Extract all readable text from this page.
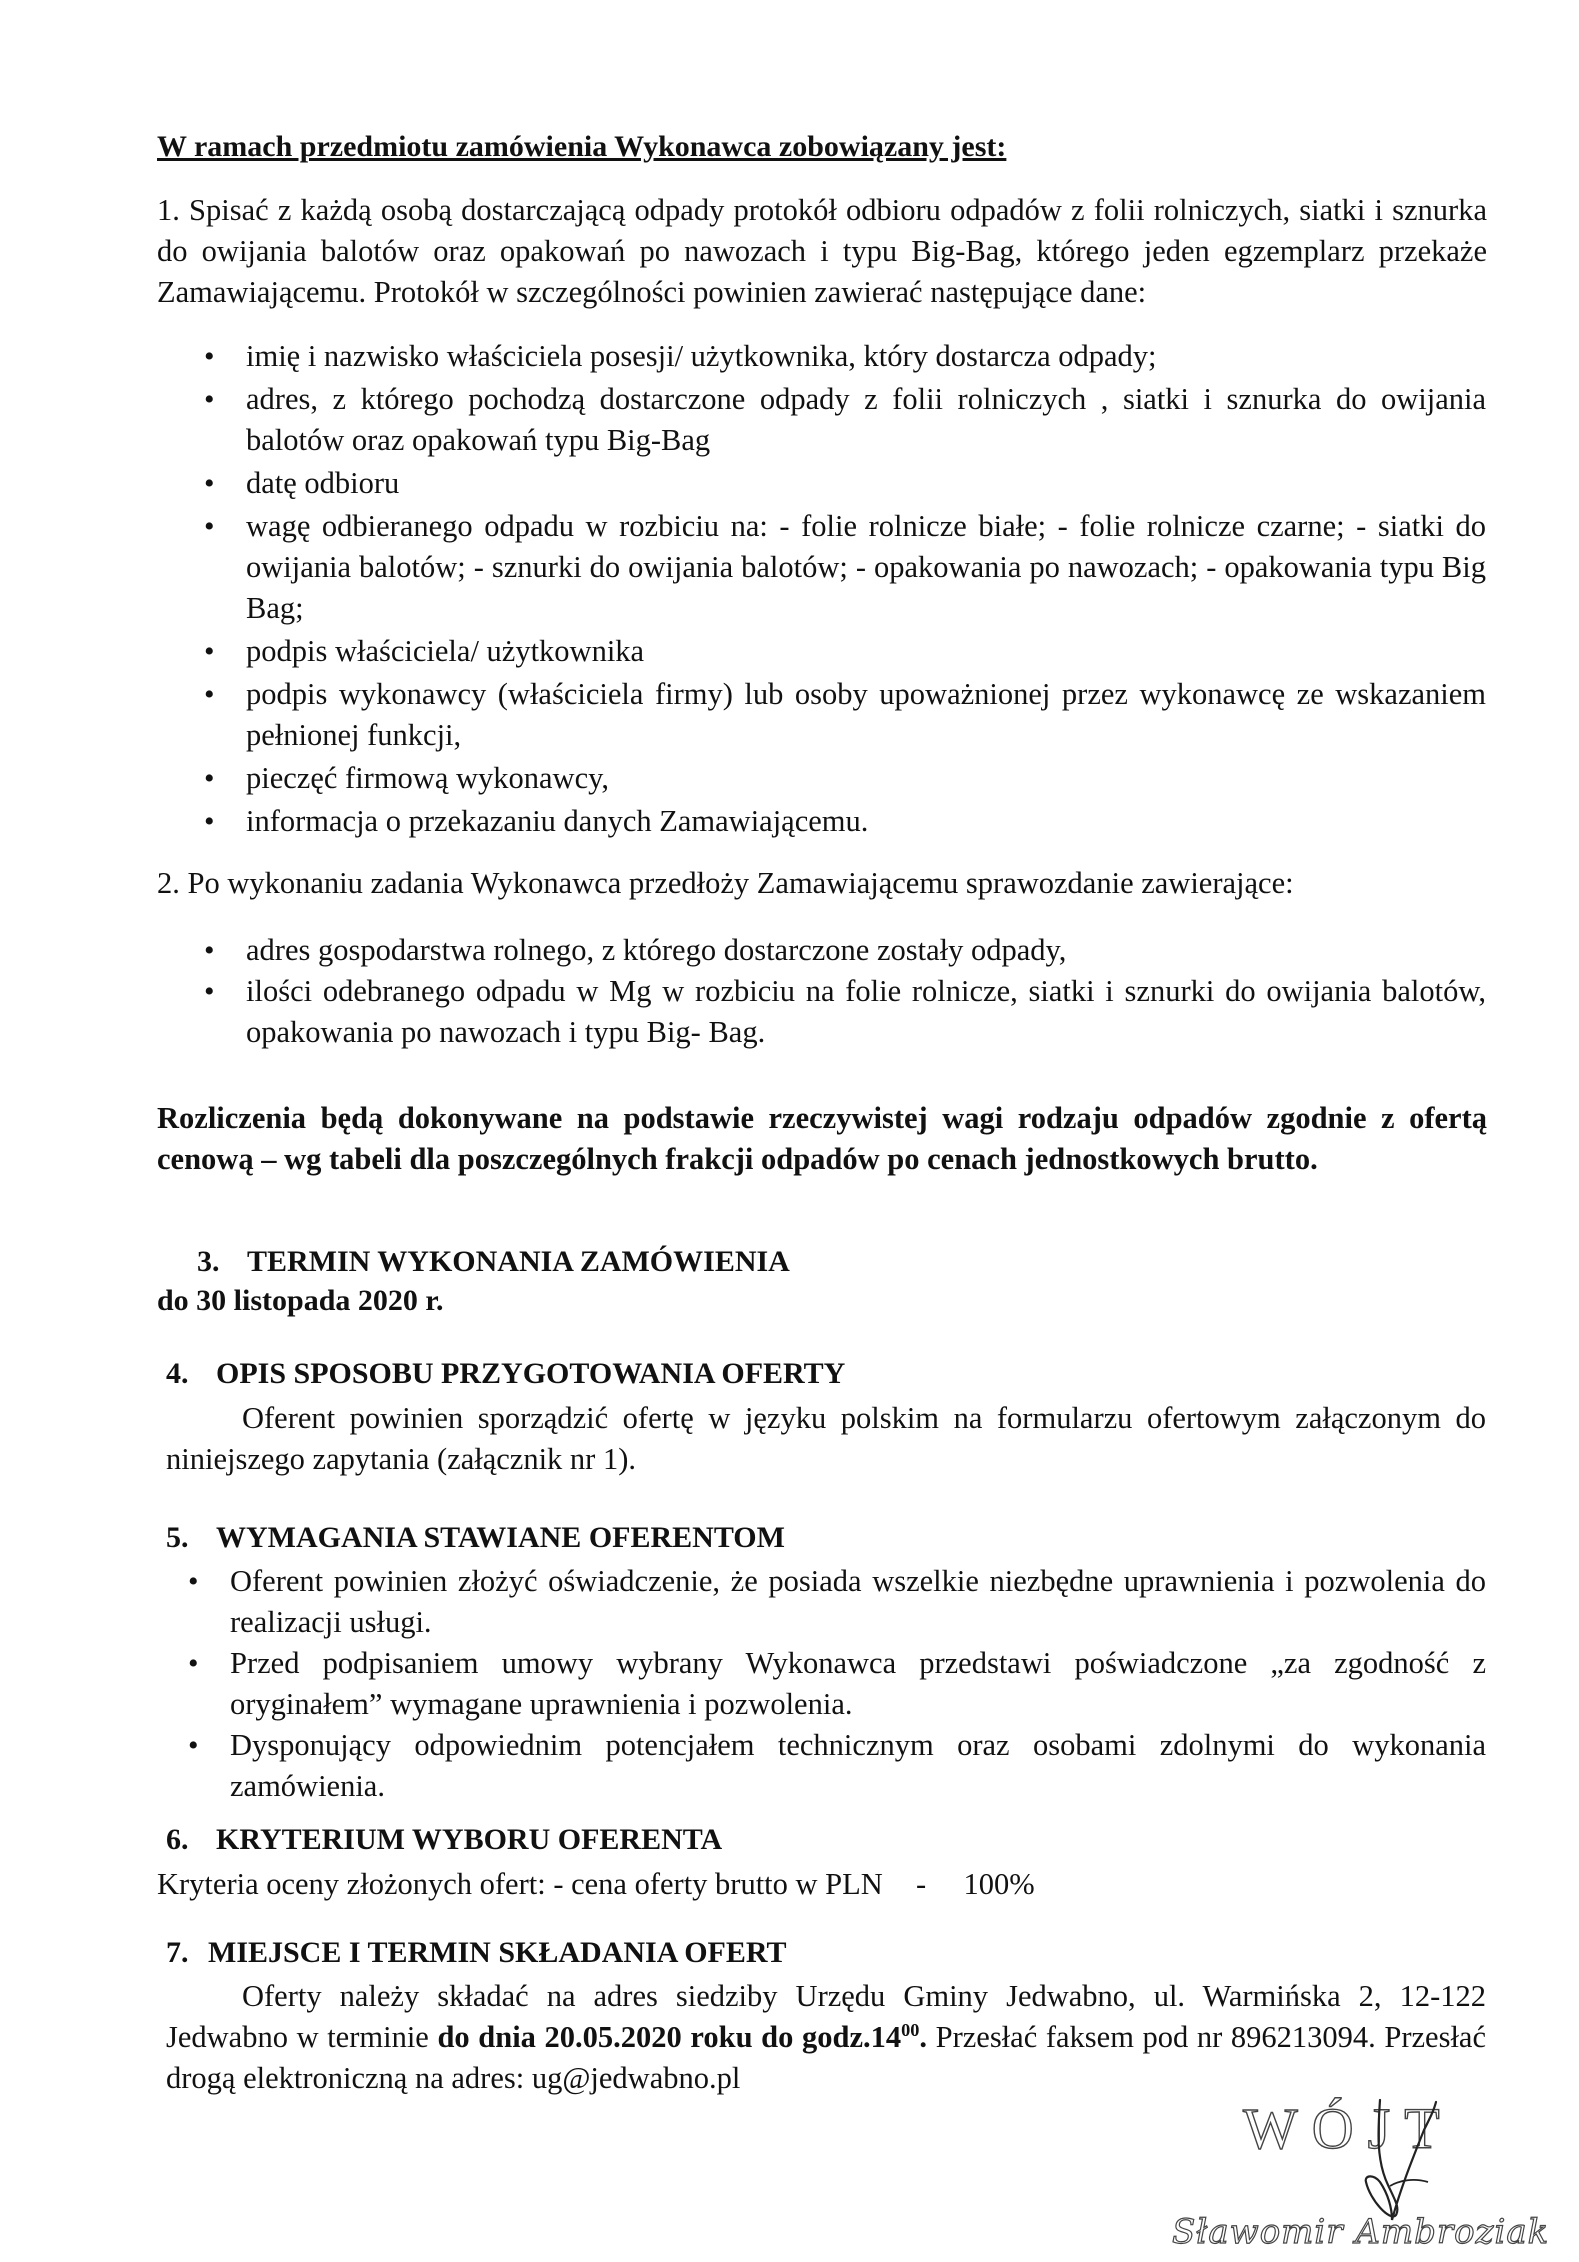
W ramach przedmiotu zamówienia Wykonawca zobowiązany jest:
1. Spisać z każdą osobą dostarczającą odpady protokół odbioru odpadów z folii rolniczych, siatki i sznurka do owijania balotów oraz opakowań po nawozach i typu Big-Bag, którego jeden egzemplarz przekaże Zamawiającemu. Protokół w szczególności powinien zawierać następujące dane:
• imię i nazwisko właściciela posesji/ użytkownika, który dostarcza odpady;
• adres, z którego pochodzą dostarczone odpady z folii rolniczych , siatki i sznurka do owijania balotów oraz opakowań typu Big-Bag
• datę odbioru
• wagę odbieranego odpadu w rozbiciu na: - folie rolnicze białe; - folie rolnicze czarne; - siatki do owijania balotów; - sznurki do owijania balotów; - opakowania po nawozach; - opakowania typu Big Bag;
• podpis właściciela/ użytkownika
• podpis wykonawcy (właściciela firmy) lub osoby upoważnionej przez wykonawcę ze wskazaniem pełnionej funkcji,
• pieczęć firmową wykonawcy,
• informacja o przekazaniu danych Zamawiającemu.
2. Po wykonaniu zadania Wykonawca przedłoży Zamawiającemu sprawozdanie zawierające:
• adres gospodarstwa rolnego, z którego dostarczone zostały odpady,
• ilości odebranego odpadu w Mg w rozbiciu na folie rolnicze, siatki i sznurki do owijania balotów, opakowania po nawozach i typu Big- Bag.
Rozliczenia będą dokonywane na podstawie rzeczywistej wagi rodzaju odpadów zgodnie z ofertą cenową – wg tabeli dla poszczególnych frakcji odpadów po cenach jednostkowych brutto.
3. TERMIN WYKONANIA ZAMÓWIENIA
do 30 listopada 2020 r.
4. OPIS SPOSOBU PRZYGOTOWANIA OFERTY
Oferent powinien sporządzić ofertę w języku polskim na formularzu ofertowym załączonym do niniejszego zapytania (załącznik nr 1).
5. WYMAGANIA STAWIANE OFERENTOM
• Oferent powinien złożyć oświadczenie, że posiada wszelkie niezbędne uprawnienia i pozwolenia do realizacji usługi.
• Przed podpisaniem umowy wybrany Wykonawca przedstawi poświadczone „za zgodność z oryginałem” wymagane uprawnienia i pozwolenia.
• Dysponujący odpowiednim potencjałem technicznym oraz osobami zdolnymi do wykonania zamówienia.
6. KRYTERIUM WYBORU OFERENTA
Kryteria oceny złożonych ofert: - cena oferty brutto w PLN - 100%
7. MIEJSCE I TERMIN SKŁADANIA OFERT
Oferty należy składać na adres siedziby Urzędu Gminy Jedwabno, ul. Warmińska 2, 12-122 Jedwabno w terminie do dnia 20.05.2020 roku do $godz.14^{00}$. Przesłać faksem pod nr 896213094. Przesłać drogą elektroniczną na adres: ug@jedwabno.pl
WÓJT
Sławomir Ambroziak
